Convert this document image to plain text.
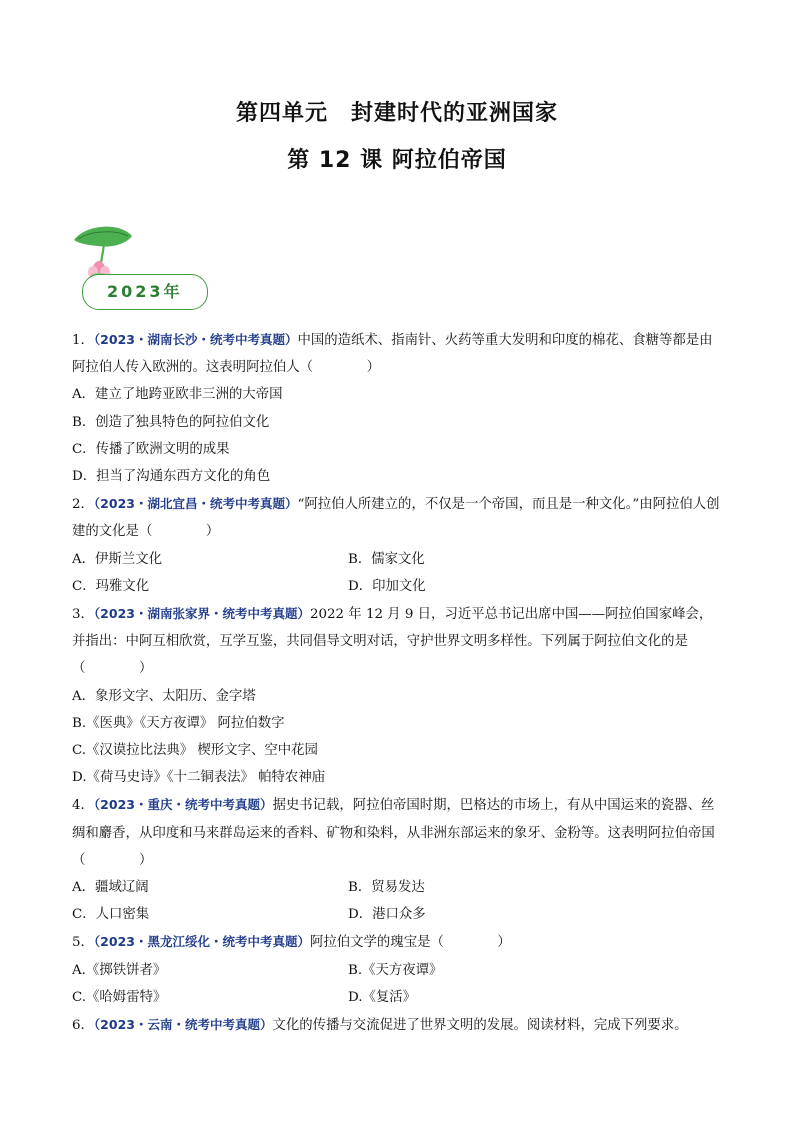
第四单元　封建时代的亚洲国家
第 12 课 阿拉伯帝国
2023年
1．（2023・湖南长沙・统考中考真题）中国的造纸术、指南针、火药等重大发明和印度的棉花、食糖等都是由阿拉伯人传入欧洲的。这表明阿拉伯人（　　　　）
A．建立了地跨亚欧非三洲的大帝国
B．创造了独具特色的阿拉伯文化
C．传播了欧洲文明的成果
D．担当了沟通东西方文化的角色
2．（2023・湖北宜昌・统考中考真题）“阿拉伯人所建立的，不仅是一个帝国，而且是一种文化。”由阿拉伯人创建的文化是（　　　　）
A．伊斯兰文化	B．儒家文化
C．玛雅文化	D．印加文化
3．（2023・湖南张家界・统考中考真题）2022 年 12 月 9 日，习近平总书记出席中国——阿拉伯国家峰会，并指出：中阿互相欣赏，互学互鉴，共同倡导文明对话，守护世界文明多样性。下列属于阿拉伯文化的是（　　　　）
A．象形文字、太阳历、金字塔
B.《医典》《天方夜谭》 阿拉伯数字
C.《汉谟拉比法典》 楔形文字、空中花园
D.《荷马史诗》《十二铜表法》 帕特农神庙
4．（2023・重庆・统考中考真题）据史书记载，阿拉伯帝国时期，巴格达的市场上，有从中国运来的瓷器、丝绸和麝香，从印度和马来群岛运来的香料、矿物和染料，从非洲东部运来的象牙、金粉等。这表明阿拉伯帝国（　　　　）
A．疆域辽阔	B．贸易发达
C．人口密集	D．港口众多
5．（2023・黑龙江绥化・统考中考真题）阿拉伯文学的瑰宝是（　　　　）
A.《掷铁饼者》	B.《天方夜谭》
C.《哈姆雷特》	D.《复活》
6．（2023・云南・统考中考真题）文化的传播与交流促进了世界文明的发展。阅读材料，完成下列要求。
